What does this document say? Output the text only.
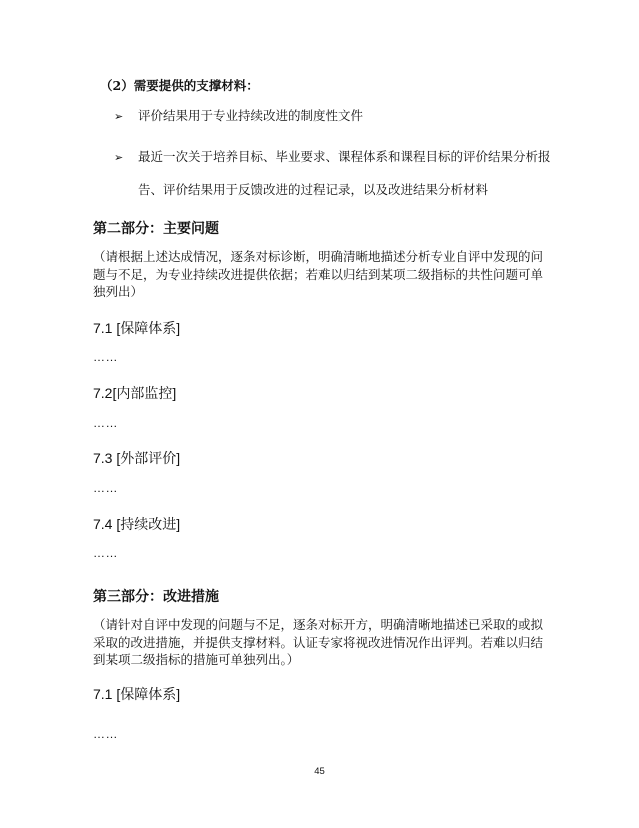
（2）需要提供的支撑材料：
➢ 评价结果用于专业持续改进的制度性文件
➢ 最近一次关于培养目标、毕业要求、课程体系和课程目标的评价结果分析报
告、评价结果用于反馈改进的过程记录，以及改进结果分析材料
第二部分：主要问题
（请根据上述达成情况，逐条对标诊断，明确清晰地描述分析专业自评中发现的问题与不足，为专业持续改进提供依据；若难以归结到某项二级指标的共性问题可单独列出）
7.1 [保障体系]
……
7.2[内部监控]
……
7.3 [外部评价]
……
7.4 [持续改进]
……
第三部分：改进措施
（请针对自评中发现的问题与不足，逐条对标开方，明确清晰地描述已采取的或拟采取的改进措施，并提供支撑材料。认证专家将视改进情况作出评判。若难以归结到某项二级指标的措施可单独列出。）
7.1 [保障体系]
……
45
